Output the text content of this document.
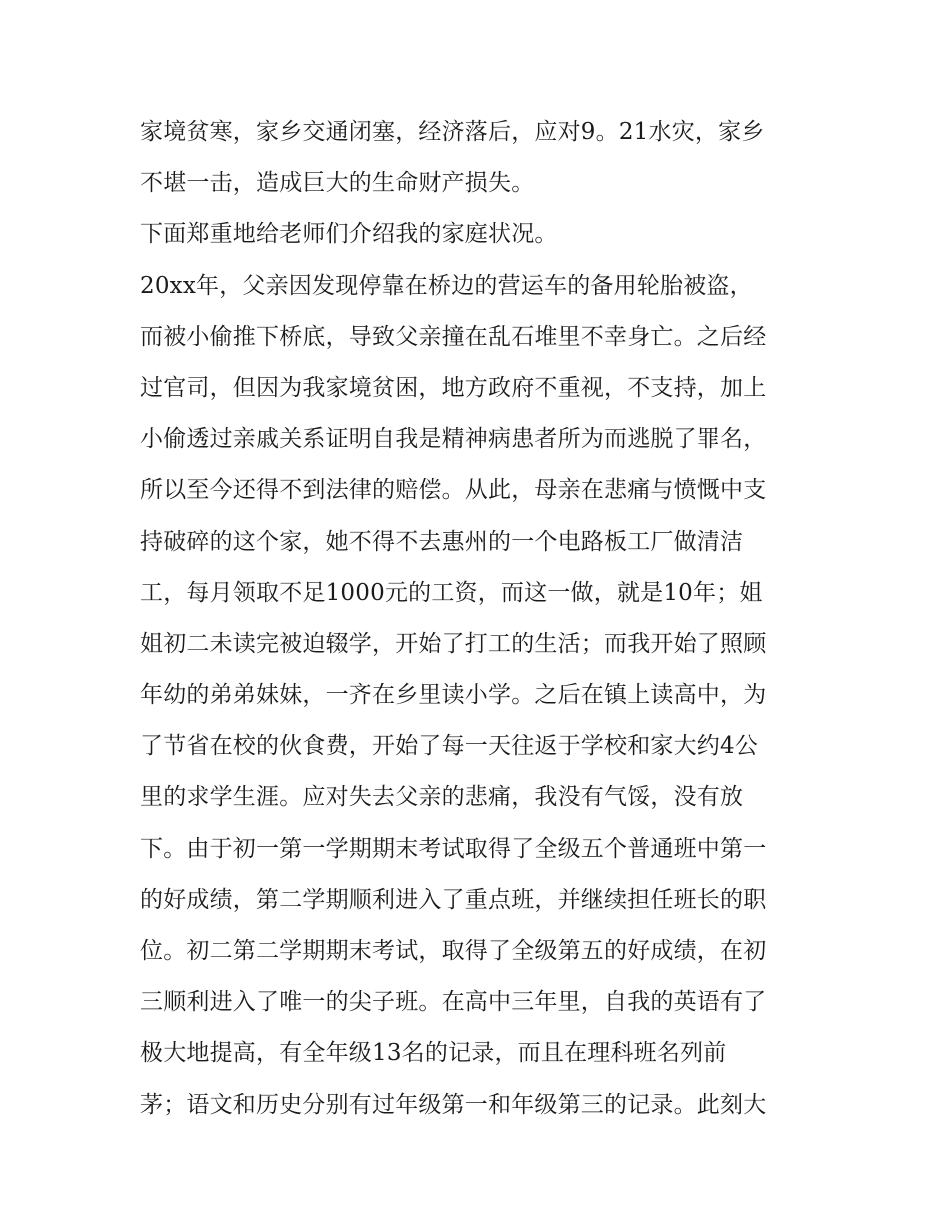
家境贫寒，家乡交通闭塞，经济落后，应对9。21水灾，家乡
不堪一击，造成巨大的生命财产损失。
下面郑重地给老师们介绍我的家庭状况。
20xx年，父亲因发现停靠在桥边的营运车的备用轮胎被盗，
而被小偷推下桥底，导致父亲撞在乱石堆里不幸身亡。之后经
过官司，但因为我家境贫困，地方政府不重视，不支持，加上
小偷透过亲戚关系证明自我是精神病患者所为而逃脱了罪名，
所以至今还得不到法律的赔偿。从此，母亲在悲痛与愤慨中支
持破碎的这个家，她不得不去惠州的一个电路板工厂做清洁
工，每月领取不足1000元的工资，而这一做，就是10年；姐
姐初二未读完被迫辍学，开始了打工的生活；而我开始了照顾
年幼的弟弟妹妹，一齐在乡里读小学。之后在镇上读高中，为
了节省在校的伙食费，开始了每一天往返于学校和家大约4公
里的求学生涯。应对失去父亲的悲痛，我没有气馁，没有放
下。由于初一第一学期期末考试取得了全级五个普通班中第一
的好成绩，第二学期顺利进入了重点班，并继续担任班长的职
位。初二第二学期期末考试，取得了全级第五的好成绩，在初
三顺利进入了唯一的尖子班。在高中三年里，自我的英语有了
极大地提高，有全年级13名的记录，而且在理科班名列前
茅；语文和历史分别有过年级第一和年级第三的记录。此刻大
